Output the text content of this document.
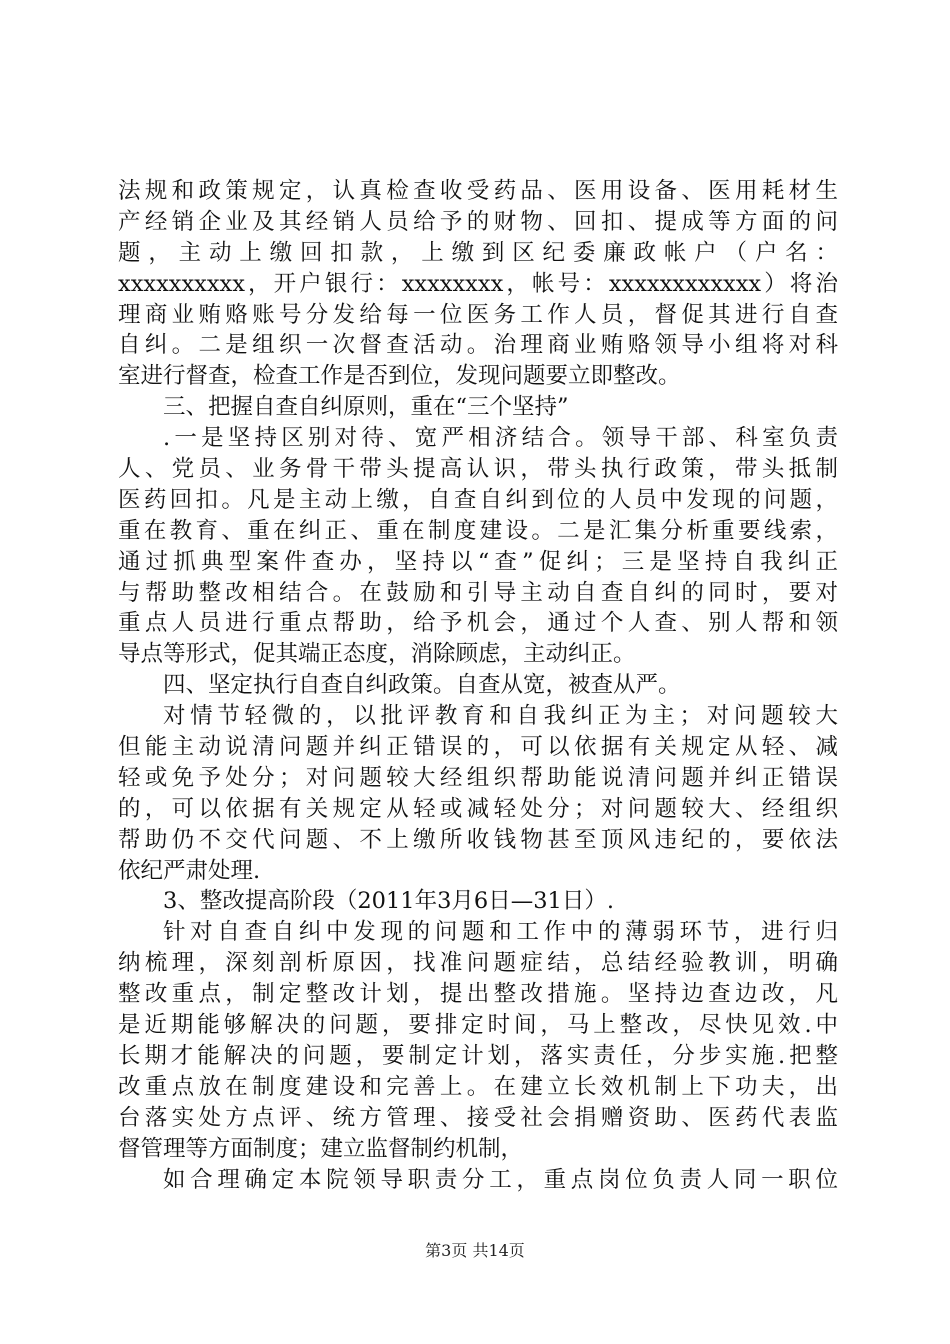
法规和政策规定，认真检查收受药品、医用设备、医用耗材生
产经销企业及其经销人员给予的财物、回扣、提成等方面的问
题，主动上缴回扣款，上缴到区纪委廉政帐户（户名：
xxxxxxxxxx，开户银行：xxxxxxxx，帐号：xxxxxxxxxxxx）将治
理商业贿赂账号分发给每一位医务工作人员，督促其进行自查
自纠。二是组织一次督查活动。治理商业贿赂领导小组将对科
室进行督查，检查工作是否到位，发现问题要立即整改。
三、把握自查自纠原则，重在“三个坚持”
.一是坚持区别对待、宽严相济结合。领导干部、科室负责
人、党员、业务骨干带头提高认识，带头执行政策，带头抵制
医药回扣。凡是主动上缴，自查自纠到位的人员中发现的问题，
重在教育、重在纠正、重在制度建设。二是汇集分析重要线索，
通过抓典型案件查办，坚持以“查”促纠；三是坚持自我纠正
与帮助整改相结合。在鼓励和引导主动自查自纠的同时，要对
重点人员进行重点帮助，给予机会，通过个人查、别人帮和领
导点等形式，促其端正态度，消除顾虑，主动纠正。
四、坚定执行自查自纠政策。自查从宽，被查从严。
对情节轻微的，以批评教育和自我纠正为主；对问题较大
但能主动说清问题并纠正错误的，可以依据有关规定从轻、减
轻或免予处分；对问题较大经组织帮助能说清问题并纠正错误
的，可以依据有关规定从轻或减轻处分；对问题较大、经组织
帮助仍不交代问题、不上缴所收钱物甚至顶风违纪的，要依法
依纪严肃处理.
3、整改提高阶段（2011年3月6日—31日）.
针对自查自纠中发现的问题和工作中的薄弱环节，进行归
纳梳理，深刻剖析原因，找准问题症结，总结经验教训，明确
整改重点，制定整改计划，提出整改措施。坚持边查边改，凡
是近期能够解决的问题，要排定时间，马上整改，尽快见效.中
长期才能解决的问题，要制定计划，落实责任，分步实施.把整
改重点放在制度建设和完善上。在建立长效机制上下功夫，出
台落实处方点评、统方管理、接受社会捐赠资助、医药代表监
督管理等方面制度；建立监督制约机制，
如合理确定本院领导职责分工，重点岗位负责人同一职位
第3页 共14页
